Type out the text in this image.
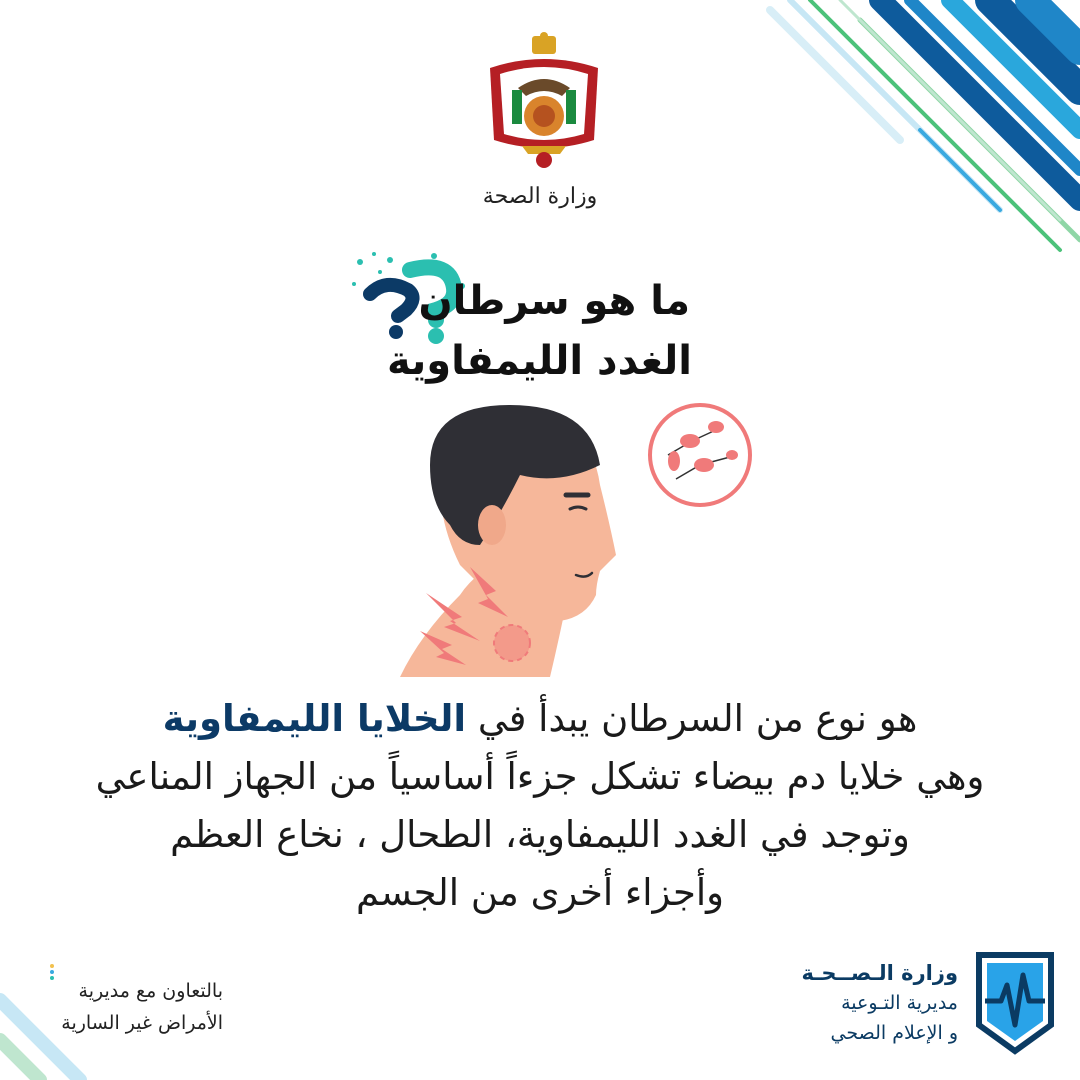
وزارة الصحة
ما هو سرطان
الغدد الليمفاوية
هو نوع من السرطان يبدأ في الخلايا الليمفاوية
وهي خلايا دم بيضاء تشكل جزءاً أساسياً من الجهاز المناعي
وتوجد في الغدد الليمفاوية، الطحال ، نخاع العظم
وأجزاء أخرى من الجسم
بالتعاون مع مديرية
الأمراض غير السارية
وزارة الـصــحـة
مديرية التـوعية
و الإعلام الصحي
